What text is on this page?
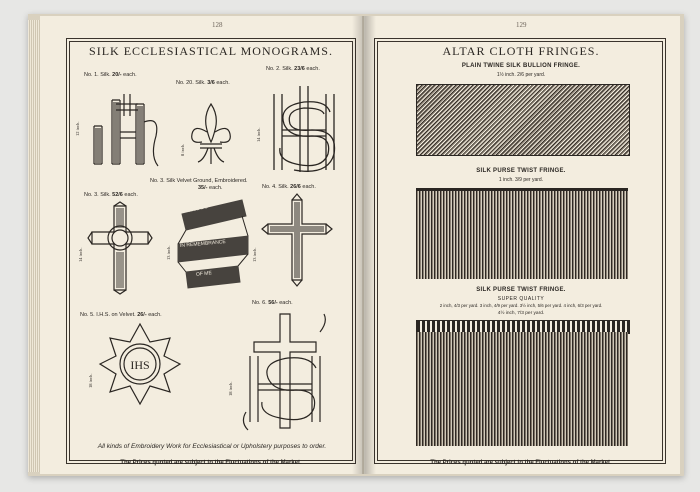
128
SILK ECCLESIASTICAL MONOGRAMS.
No. 1. Silk. 20/- each.
No. 20. Silk. 3/6 each.
No. 2. Silk. 23/6 each.
12 inch.
8 inch.
14 inch.
No. 3. Silk Velvet Ground, Embroidered.
35/- each.
No. 3. Silk. 52/6 each.
No. 4. Silk. 26/6 each.
14 inch.
THIS DO
IN REMEMBRANCE
OF ME
13 inch.	13 inch.
No. 5. I.H.S. on Velvet. 26/- each.
No. 6. 56/- each.
IHS
18 inch.
18 inch.
All kinds of Embroidery Work for Ecclesiastical or Upholstery purposes to order.
The Prices quoted are subject to the Fluctuations of the Market.
129
ALTAR CLOTH FRINGES.
PLAIN TWINE SILK BULLION FRINGE.
1½ inch. 2/6 per yard.
SILK PURSE TWIST FRINGE.
1 inch. 3/9 per yard.
SILK PURSE TWIST FRINGE.
SUPER QUALITY
2 inch, 4/3 per yard. 3 inch, 4/9 per yard. 3½ inch, 5/6 per yard. 4 inch, 6/3 per yard.
4½ inch, 7/3 per yard.
The Prices quoted are subject to the Fluctuations of the Market.
